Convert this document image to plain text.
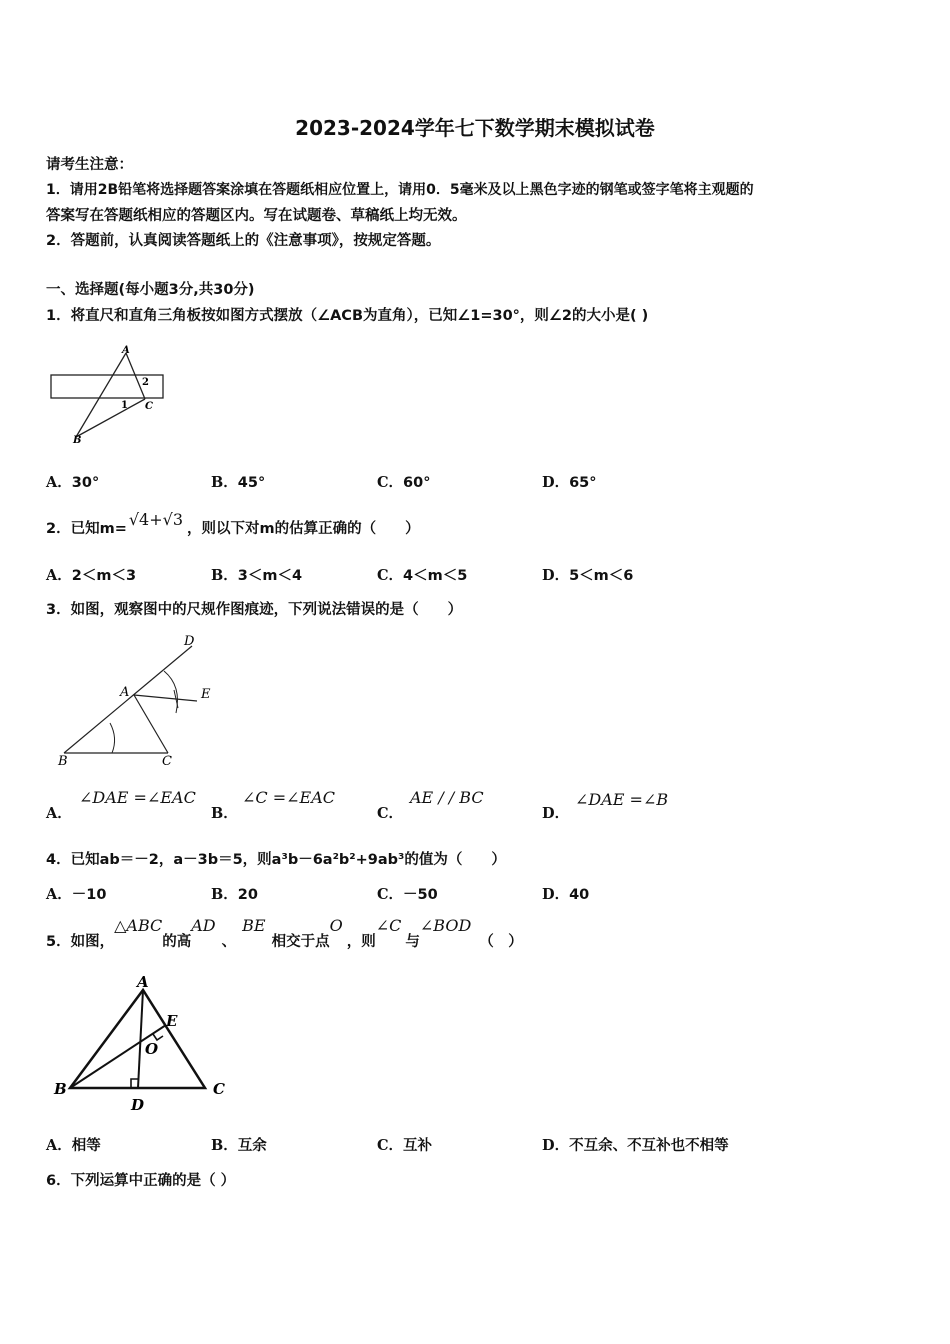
2023-2024学年七下数学期末模拟试卷
请考生注意：
1．请用2B铅笔将选择题答案涂填在答题纸相应位置上，请用0．5毫米及以上黑色字迹的钢笔或签字笔将主观题的
答案写在答题纸相应的答题区内。写在试题卷、草稿纸上均无效。
2．答题前，认真阅读答题纸上的《注意事项》，按规定答题。
一、选择题(每小题3分,共30分)
1．将直尺和直角三角板按如图方式摆放（∠ACB为直角），已知∠1=30°，则∠2的大小是( )
A
B
C
1
2
A．30°	B．45°	C．60°	D．65°
2．已知m= √4+√3 ，则以下对m的估算正确的（　　）
A．2＜m＜3	B．3＜m＜4	C．4＜m＜5	D．5＜m＜6
3．如图，观察图中的尺规作图痕迹，下列说法错误的是（　　）
D
A	E
B	C
A．
∠DAE =∠EAC
B．
∠C =∠EAC
C．
AE / / BC
D．
∠DAE =∠B
4．已知ab＝－2，a－3b＝5，则a³b－6a²b²+9ab³的值为（　　）
A．－10	B．20	C．－50	D．40
5．如图，△ABC的高AD、BE相交于点O，则∠C与∠BOD（　）
A
B	C
D
E
O
A．相等	B．互余	C．互补	D．不互余、不互补也不相等
6．下列运算中正确的是（ ）
